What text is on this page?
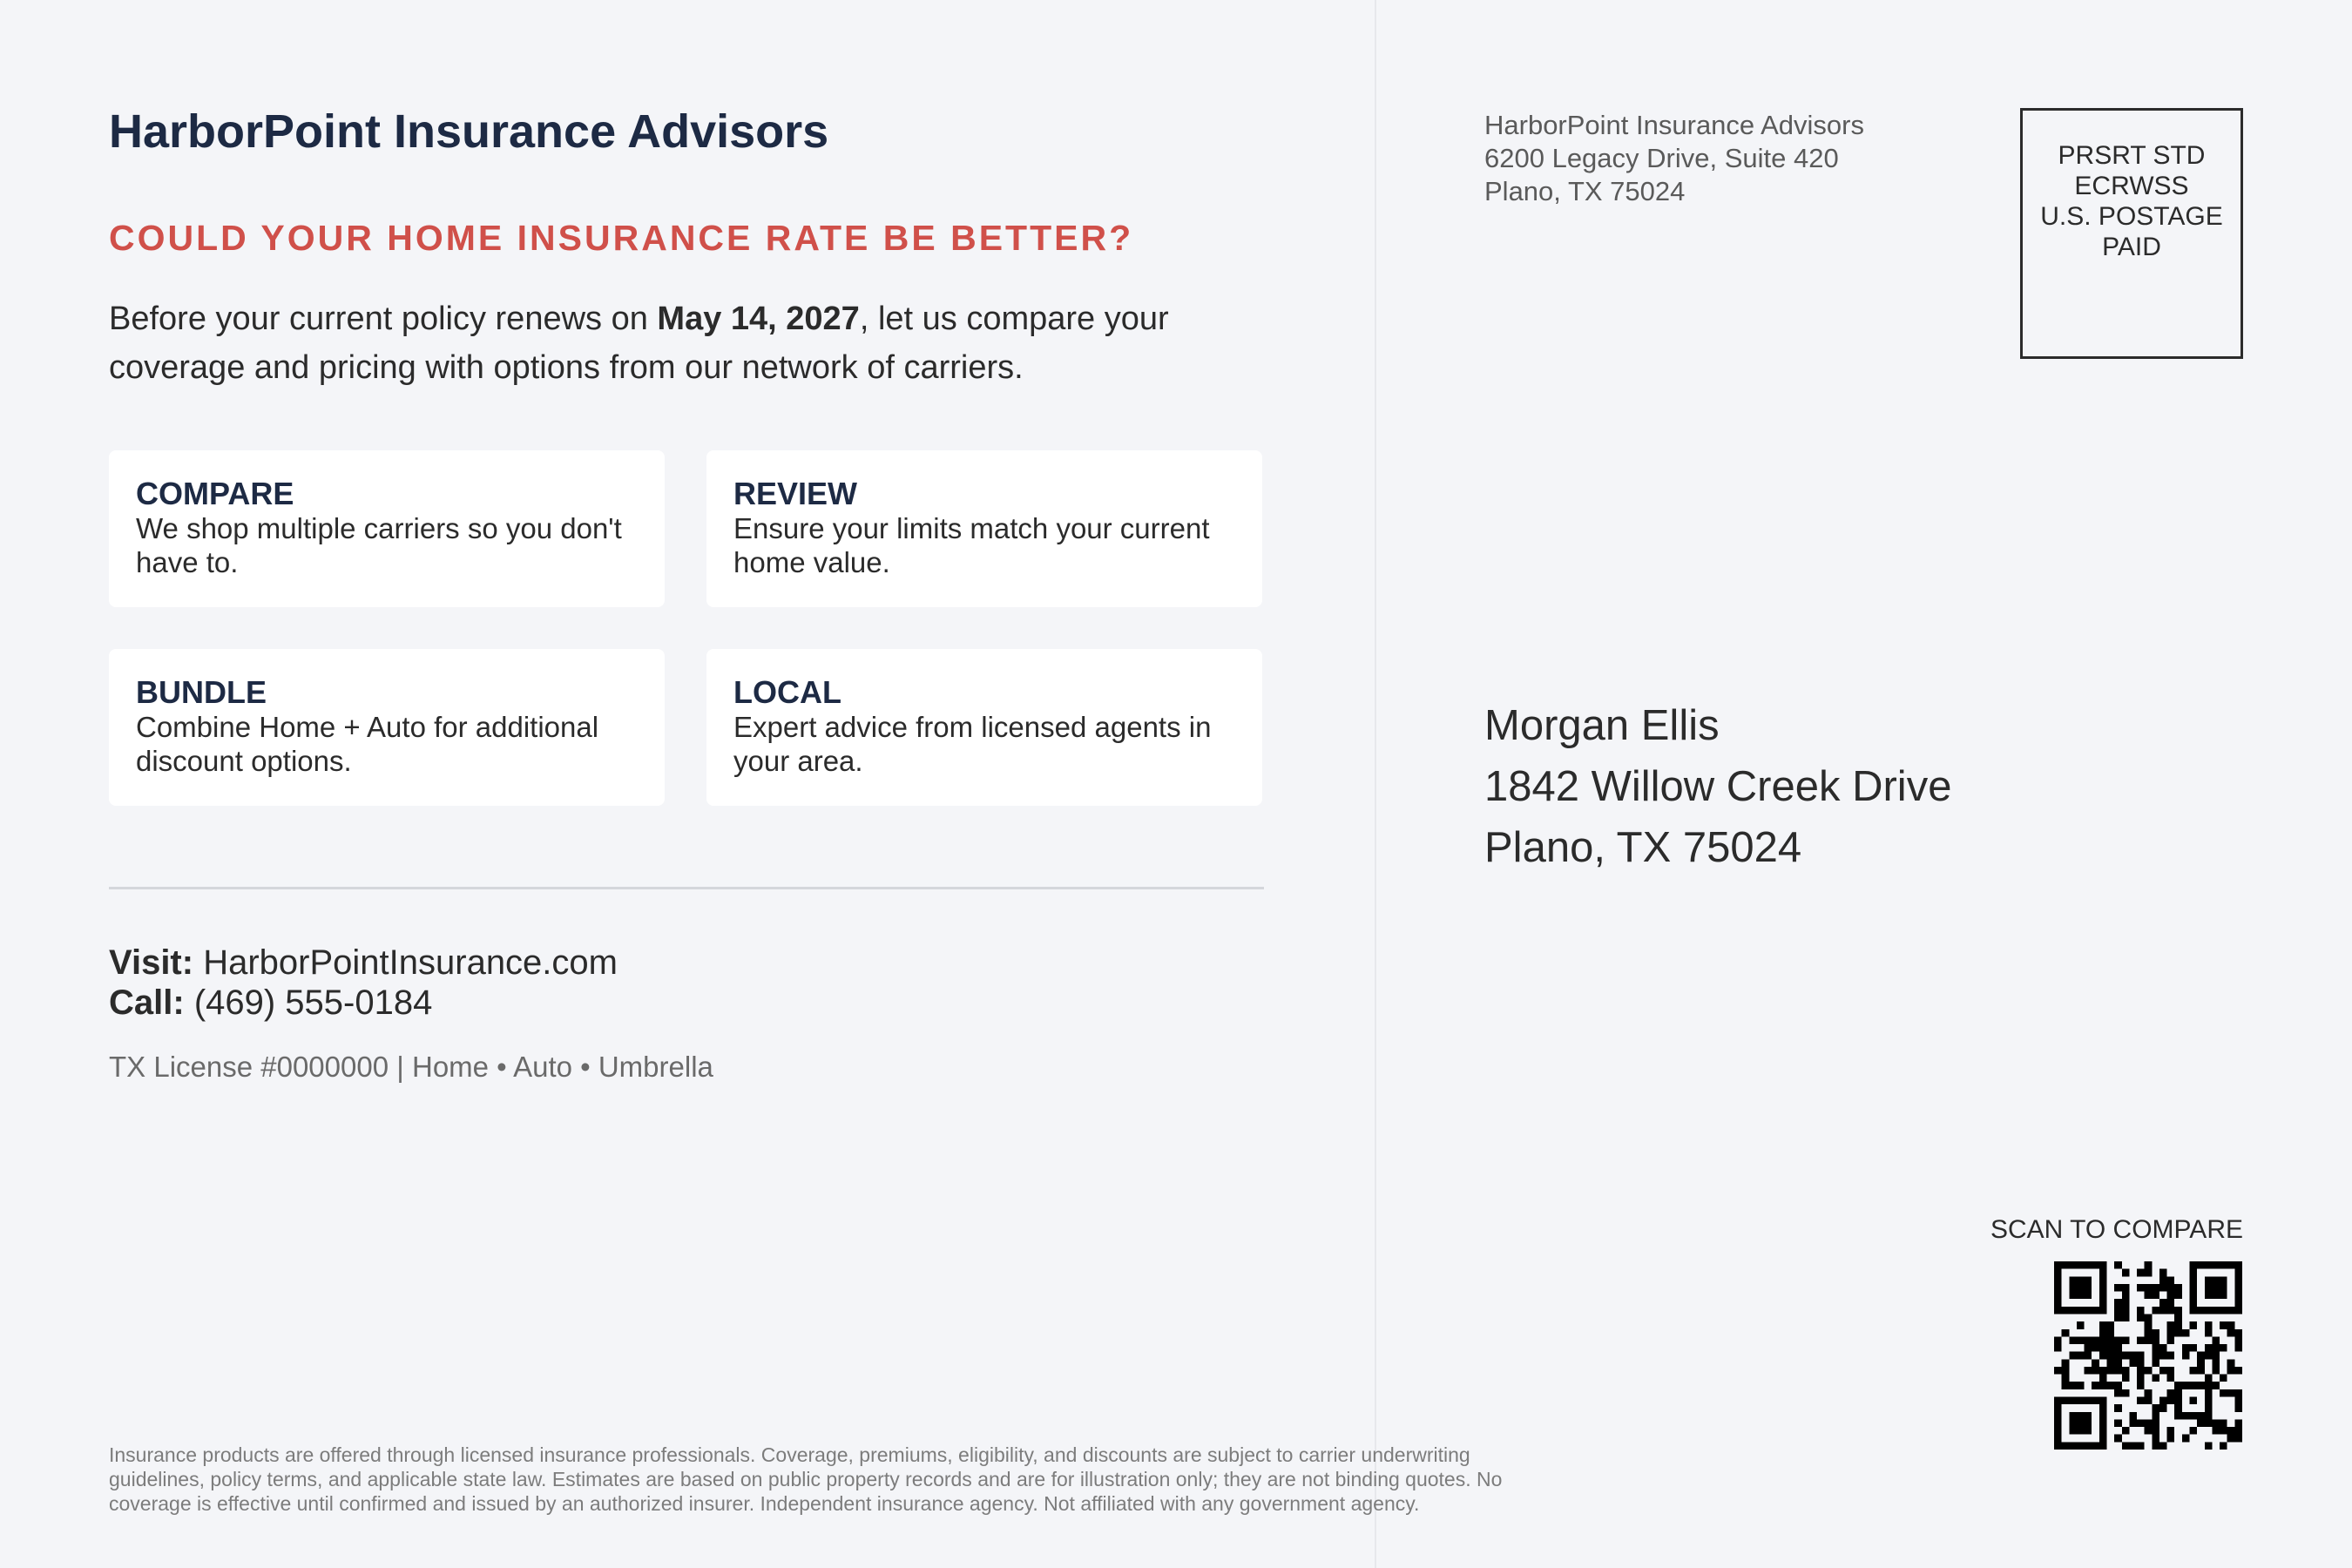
HarborPoint Insurance Advisors
COULD YOUR HOME INSURANCE RATE BE BETTER?
Before your current policy renews on May 14, 2027, let us compare your coverage and pricing with options from our network of carriers.
COMPARE
We shop multiple carriers so you don't have to.
REVIEW
Ensure your limits match your current home value.
BUNDLE
Combine Home + Auto for additional discount options.
LOCAL
Expert advice from licensed agents in your area.
Visit: HarborPointInsurance.com
Call: (469) 555-0184
TX License #0000000 | Home • Auto • Umbrella
Insurance products are offered through licensed insurance professionals. Coverage, premiums, eligibility, and discounts are subject to carrier underwriting guidelines, policy terms, and applicable state law. Estimates are based on public property records and are for illustration only; they are not binding quotes. No coverage is effective until confirmed and issued by an authorized insurer. Independent insurance agency. Not affiliated with any government agency.
HarborPoint Insurance Advisors
6200 Legacy Drive, Suite 420
Plano, TX 75024
PRSRT STD
ECRWSS
U.S. POSTAGE
PAID
Morgan Ellis
1842 Willow Creek Drive
Plano, TX 75024
SCAN TO COMPARE
